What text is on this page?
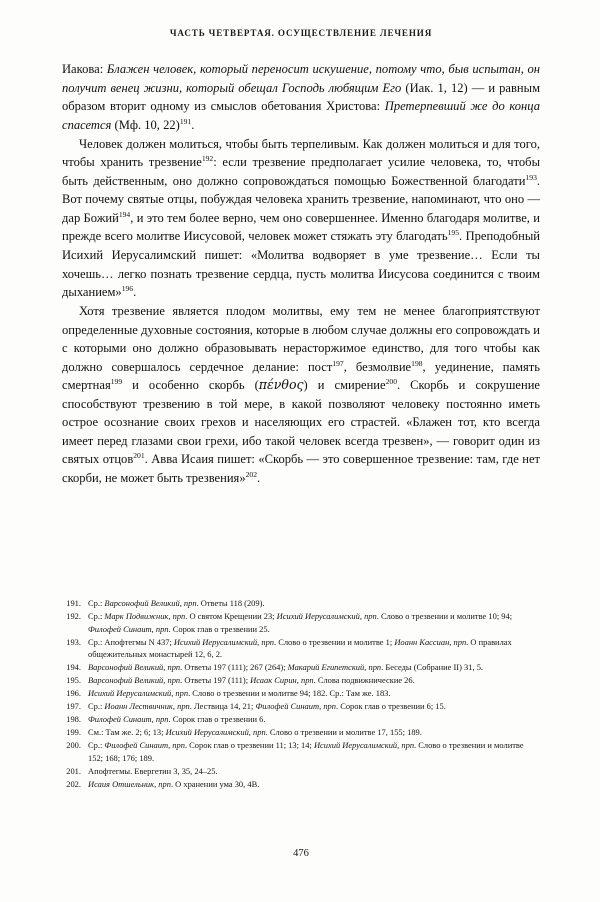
ЧАСТЬ ЧЕТВЕРТАЯ. ОСУЩЕСТВЛЕНИЕ ЛЕЧЕНИЯ

Иакова: Блажен человек, который переносит искушение, потому что, быв испытан, он получит венец жизни, который обещал Господь любящим Его (Иак. 1, 12) — и равным образом вторит одному из смыслов обетования Христова: Претерпевший же до конца спасется (Мф. 10, 22)$^{191}$.

Человек должен молиться, чтобы быть терпеливым. Как должен молиться и для того, чтобы хранить трезвение$^{192}$: если трезвение предполагает усилие человека, то, чтобы быть действенным, оно должно сопровождаться помощью Божественной благодати$^{193}$. Вот почему святые отцы, побуждая человека хранить трезвение, напоминают, что оно — дар Божий$^{194}$, и это тем более верно, чем оно совершеннее. Именно благодаря молитве, и прежде всего молитве Иисусовой, человек может стяжать эту благодать$^{195}$. Преподобный Исихий Иерусалимский пишет: «Молитва водворяет в уме трезвение… Если ты хочешь… легко познать трезвение сердца, пусть молитва Иисусова соединится с твоим дыханием»$^{196}$.

Хотя трезвение является плодом молитвы, ему тем не менее благоприятствуют определенные духовные состояния, которые в любом случае должны его сопровождать и с которыми оно должно образовывать нерасторжимое единство, для того чтобы как должно совершалось сердечное делание: пост$^{197}$, безмолвие$^{198}$, уединение, память смертная$^{199}$ и особенно скорбь (πένθος) и смирение$^{200}$. Скорбь и сокрушение способствуют трезвению в той мере, в какой позволяют человеку постоянно иметь острое осознание своих грехов и населяющих его страстей. «Блажен тот, кто всегда имеет перед глазами свои грехи, ибо такой человек всегда трезвен», — говорит один из святых отцов$^{201}$. Авва Исаия пишет: «Скорбь — это совершенное трезвение: там, где нет скорби, не может быть трезвения»$^{202}$.

191. Ср.: Варсонофий Великий, прп. Ответы 118 (209).
192. Ср.: Марк Подвижник, прп. О святом Крещении 23; Исихий Иерусалимский, прп. Слово о трезвении и молитве 10; 94; Филофей Синаит, прп. Сорок глав о трезвении 25.
193. Ср.: Апофтегмы N 437; Исихий Иерусалимский, прп. Слово о трезвении и молитве 1; Иоанн Кассиан, прп. О правилах общежительных монастырей 12, 6, 2.
194. Варсонофий Великий, прп. Ответы 197 (111); 267 (264); Макарий Египетский, прп. Беседы (Собрание II) 31, 5.
195. Варсонофий Великий, прп. Ответы 197 (111); Исаак Сирин, прп. Слова подвижнические 26.
196. Исихий Иерусалимский, прп. Слово о трезвении и молитве 94; 182. Ср.: Там же. 183.
197. Ср.: Иоанн Лествичник, прп. Лествица 14, 21; Филофей Синаит, прп. Сорок глав о трезвении 6; 15.
198. Филофей Синаит, прп. Сорок глав о трезвении 6.
199. См.: Там же. 2; 6; 13; Исихий Иерусалимский, прп. Слово о трезвении и молитве 17, 155; 189.
200. Ср.: Филофей Синаит, прп. Сорок глав о трезвении 11; 13; 14; Исихий Иерусалимский, прп. Слово о трезвении и молитве 152; 168; 176; 189.
201. Апофтегмы. Евергетин 3, 35, 24–25.
202. Исаия Отшельник, прп. О хранении ума 30, 4В.
476
